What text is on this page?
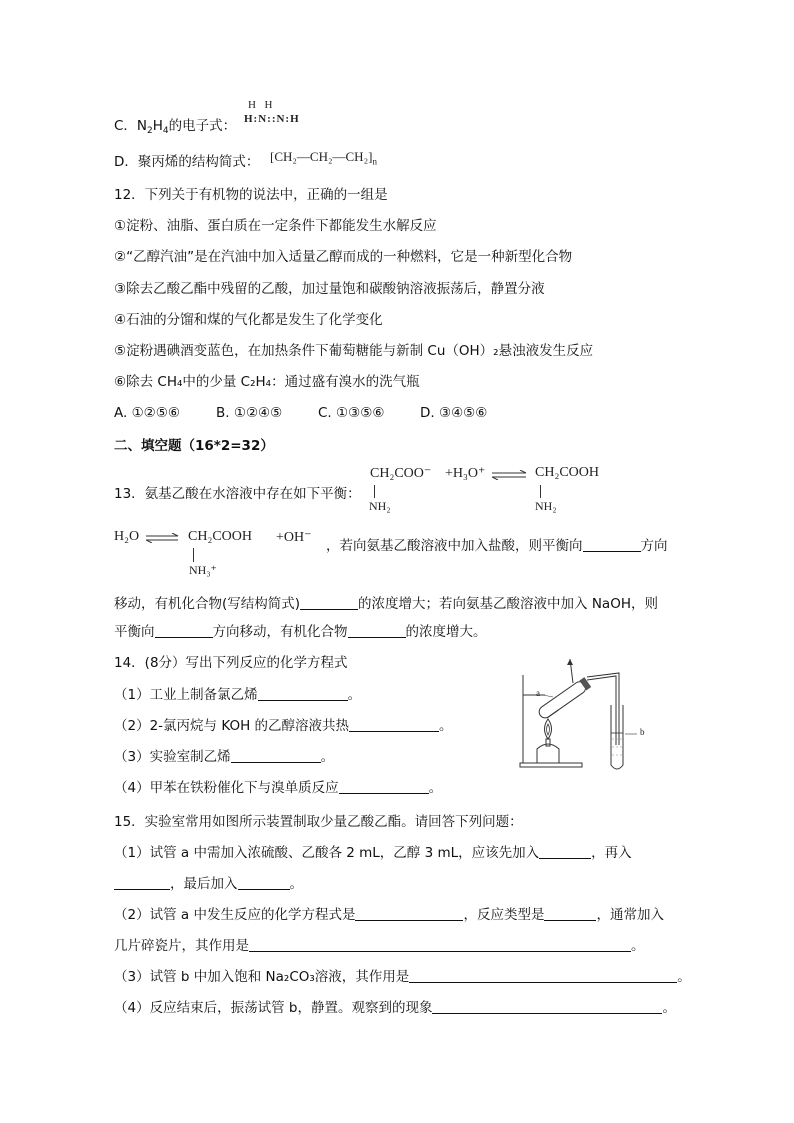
C．$N_2H_4$的电子式：
H  H
H:N::N:H
D．聚丙烯的结构简式： $[CH_2—CH_2—CH_2]_n$
12．下列关于有机物的说法中，正确的一组是
①淀粉、油脂、蛋白质在一定条件下都能发生水解反应
②“乙醇汽油”是在汽油中加入适量乙醇而成的一种燃料，它是一种新型化合物
③除去乙酸乙酯中残留的乙酸，加过量饱和碳酸钠溶液振荡后，静置分液
④石油的分馏和煤的气化都是发生了化学变化
⑤淀粉遇碘酒变蓝色，在加热条件下葡萄糖能与新制 Cu（OH）₂悬浊液发生反应
⑥除去 CH₄中的少量 C₂H₄：通过盛有溴水的洗气瓶
A. ①②⑤⑥	B. ①②④⑤	C. ①③⑤⑥	D. ③④⑤⑥
二、填空题（16*2=32）
13．氨基乙酸在水溶液中存在如下平衡：
CH₂COO⁻
NH₂
+H₃O⁺ ⇌ CH₂COOH
NH₂
H₂O ⇌ CH₂COOH
NH₃⁺
+OH⁻
，若向氨基乙酸溶液中加入盐酸，则平衡向	方向
移动，有机化合物(写结构简式)	的浓度增大；若向氨基乙酸溶液中加入 NaOH，则
平衡向	方向移动，有机化合物	的浓度增大。
14．(8分）写出下列反应的化学方程式
（1）工业上制备氯乙烯	。
（2）2-氯丙烷与 KOH 的乙醇溶液共热	。
（3）实验室制乙烯	。
（4）甲苯在铁粉催化下与溴单质反应	。
a
b
15．实验室常用如图所示装置制取少量乙酸乙酯。请回答下列问题：
（1）试管 a 中需加入浓硫酸、乙酸各 2 mL，乙醇 3 mL，应该先加入	，再入
，最后加入	。
（2）试管 a 中发生反应的化学方程式是	，反应类型是	，通常加入
几片碎瓷片，其作用是	。
（3）试管 b 中加入饱和 Na₂CO₃溶液，其作用是	。
（4）反应结束后，振荡试管 b，静置。观察到的现象	。
